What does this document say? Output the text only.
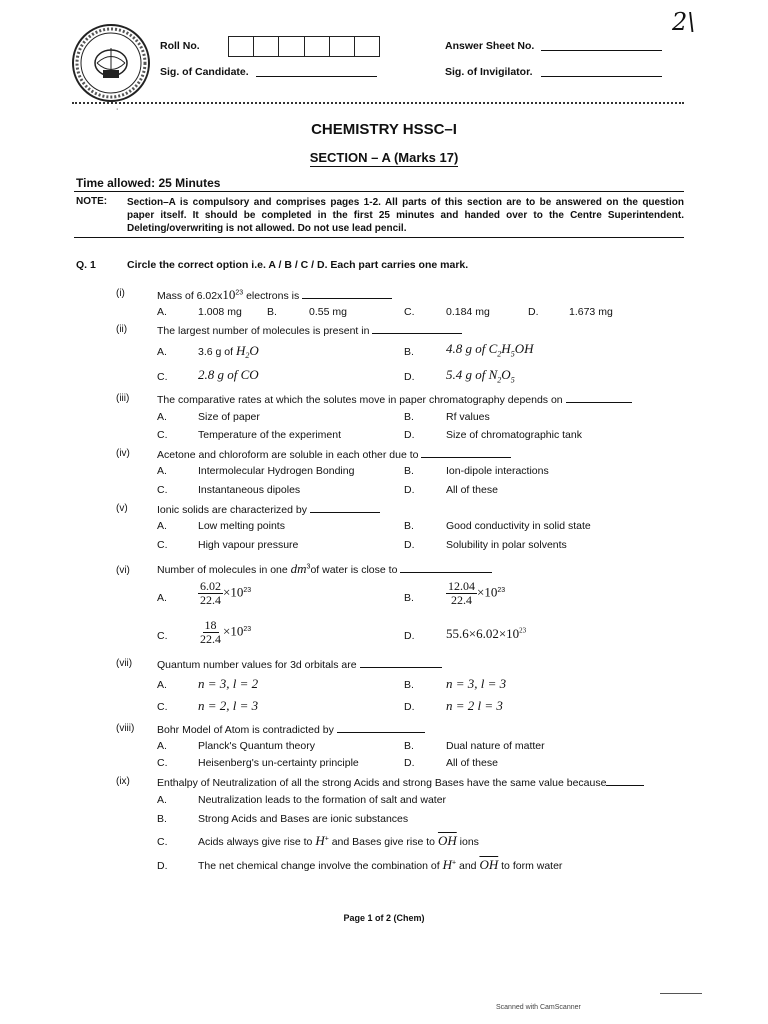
2\
Roll No.	Answer Sheet No.
Sig. of Candidate.	Sig. of Invigilator.
˙
CHEMISTRY HSSC–I
SECTION – A (Marks 17)
Time allowed: 25 Minutes
NOTE: Section–A is compulsory and comprises pages 1-2. All parts of this section are to be answered on the question paper itself. It should be completed in the first 25 minutes and handed over to the Centre Superintendent. Deleting/overwriting is not allowed. Do not use lead pencil.
Q. 1	Circle the correct option i.e. A / B / C / D. Each part carries one mark.
(i)	Mass of $6.02x10^{23}$ electrons is
A.	1.008 mg B.	0.55 mg	C.	0.184 mg	D.	1.673 mg
(ii)	The largest number of molecules is present in
A.	3.6 g of $H_2O$	B. 4.8 g of $C_2H_5OH$
C. 2.8 g of CO	D. 5.4 g of $N_2O_5$
(iii)	The comparative rates at which the solutes move in paper chromatography depends on
A.	Size of paper	B.	Rf values
C.	Temperature of the experiment	D.	Size of chromatographic tank
(iv)	Acetone and chloroform are soluble in each other due to
A.	Intermolecular Hydrogen Bonding	B.	Ion-dipole interactions
C.	Instantaneous dipoles	D.	All of these
(v)	Ionic solids are characterized by
A.	Low melting points	B.	Good conductivity in solid state
C.	High vapour pressure	D.	Solubility in polar solvents
(vi)	Number of molecules in one $dm^3of$ water is close to
A.	$\frac{6.02}{22.4} \times 10^{23}$
B.	$\frac{12.04}{22.4} \times 10^{23}$
C.	$\frac{18}{22.4} \times 10^{23}$
D. $55.6\times 6.02\times 10^{23}$
(vii) Quantum number values for 3d orbitals are
A. n = 3, l = 2	B. n = 3, l = 3
C. n = 2, l = 3	D. n = 2 l = 3
(viii) Bohr Model of Atom is contradicted by
A.	Planck's Quantum theory	B.	Dual nature of matter
C.	Heisenberg's un-certainty principle	D.	All of these
(ix)	Enthalpy of Neutralization of all the strong Acids and strong Bases have the same value because
A.	Neutralization leads to the formation of salt and water
B.	Strong Acids and Bases are ionic substances
C.	Acids always give rise to H+ and Bases give rise to $\overline{OH}$ ions
D.	The net chemical change involve the combination of H+ and $\overline{OH}$ to form water
Page 1 of 2 (Chem)
Scanned with CamScanner
